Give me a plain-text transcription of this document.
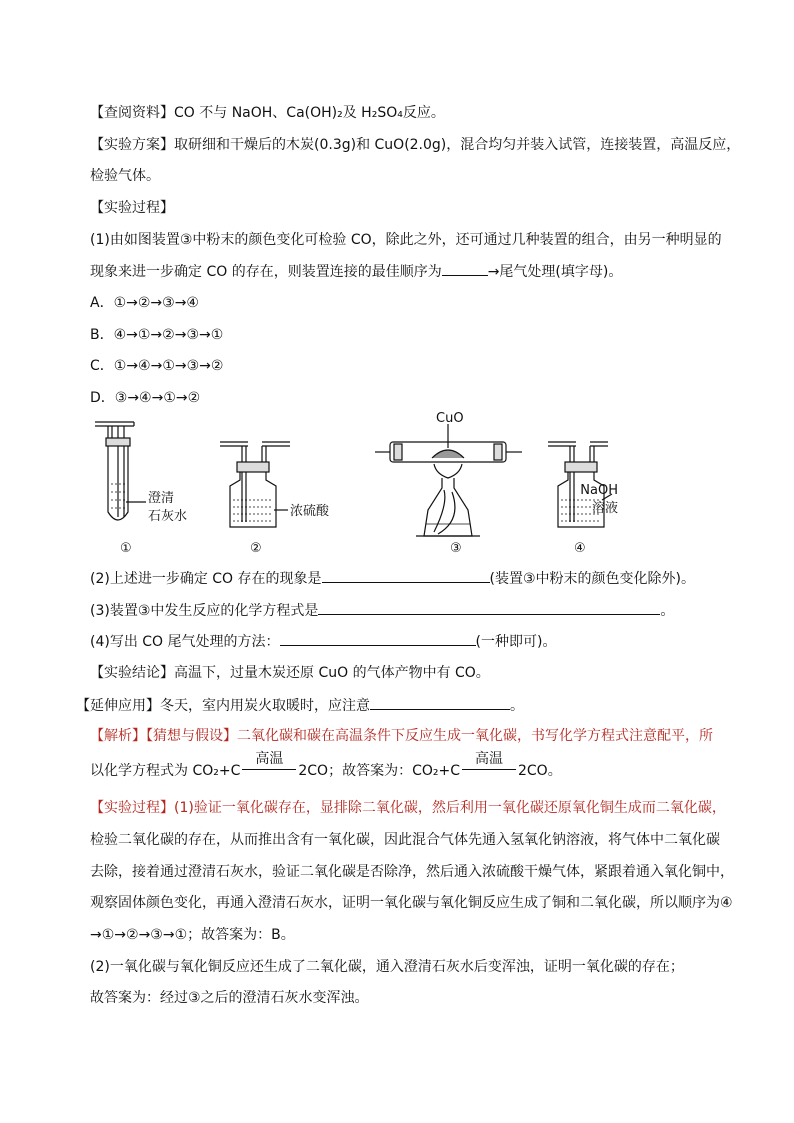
【查阅资料】CO 不与 NaOH、Ca(OH)₂及 H₂SO₄反应。
【实验方案】取研细和干燥后的木炭(0.3g)和 CuO(2.0g)，混合均匀并装入试管，连接装置，高温反应，
检验气体。
【实验过程】
(1)由如图装置③中粉末的颜色变化可检验 CO，除此之外，还可通过几种装置的组合，由另一种明显的
现象来进一步确定 CO 的存在，则装置连接的最佳顺序为	→尾气处理(填字母)。
A．①→②→③→④
B．④→①→②→③→①
C．①→④→①→③→②
D．③→④→①→②
澄清
石灰水
①
浓硫酸
②
CuO
③
NaOH
溶液
④
(2)上述进一步确定 CO 存在的现象是	(装置③中粉末的颜色变化除外)。
(3)装置③中发生反应的化学方程式是	。
(4)写出 CO 尾气处理的方法：	(一种即可)。
【实验结论】高温下，过量木炭还原 CuO 的气体产物中有 CO。
【延伸应用】冬天，室内用炭火取暖时，应注意	。
【解析】【猜想与假设】二氧化碳和碳在高温条件下反应生成一氧化碳，书写化学方程式注意配平，所
以化学方程式为 CO₂+C
高温
2CO；故答案为：CO₂+C
高温
2CO。
【实验过程】(1)验证一氧化碳存在，显排除二氧化碳，然后利用一氧化碳还原氧化铜生成而二氧化碳，
检验二氧化碳的存在，从而推出含有一氧化碳，因此混合气体先通入氢氧化钠溶液，将气体中二氧化碳
去除，接着通过澄清石灰水，验证二氧化碳是否除净，然后通入浓硫酸干燥气体，紧跟着通入氧化铜中，
观察固体颜色变化，再通入澄清石灰水，证明一氧化碳与氧化铜反应生成了铜和二氧化碳，所以顺序为④
→①→②→③→①；故答案为：B。
(2)一氧化碳与氧化铜反应还生成了二氧化碳，通入澄清石灰水后变浑浊，证明一氧化碳的存在；
故答案为：经过③之后的澄清石灰水变浑浊。
